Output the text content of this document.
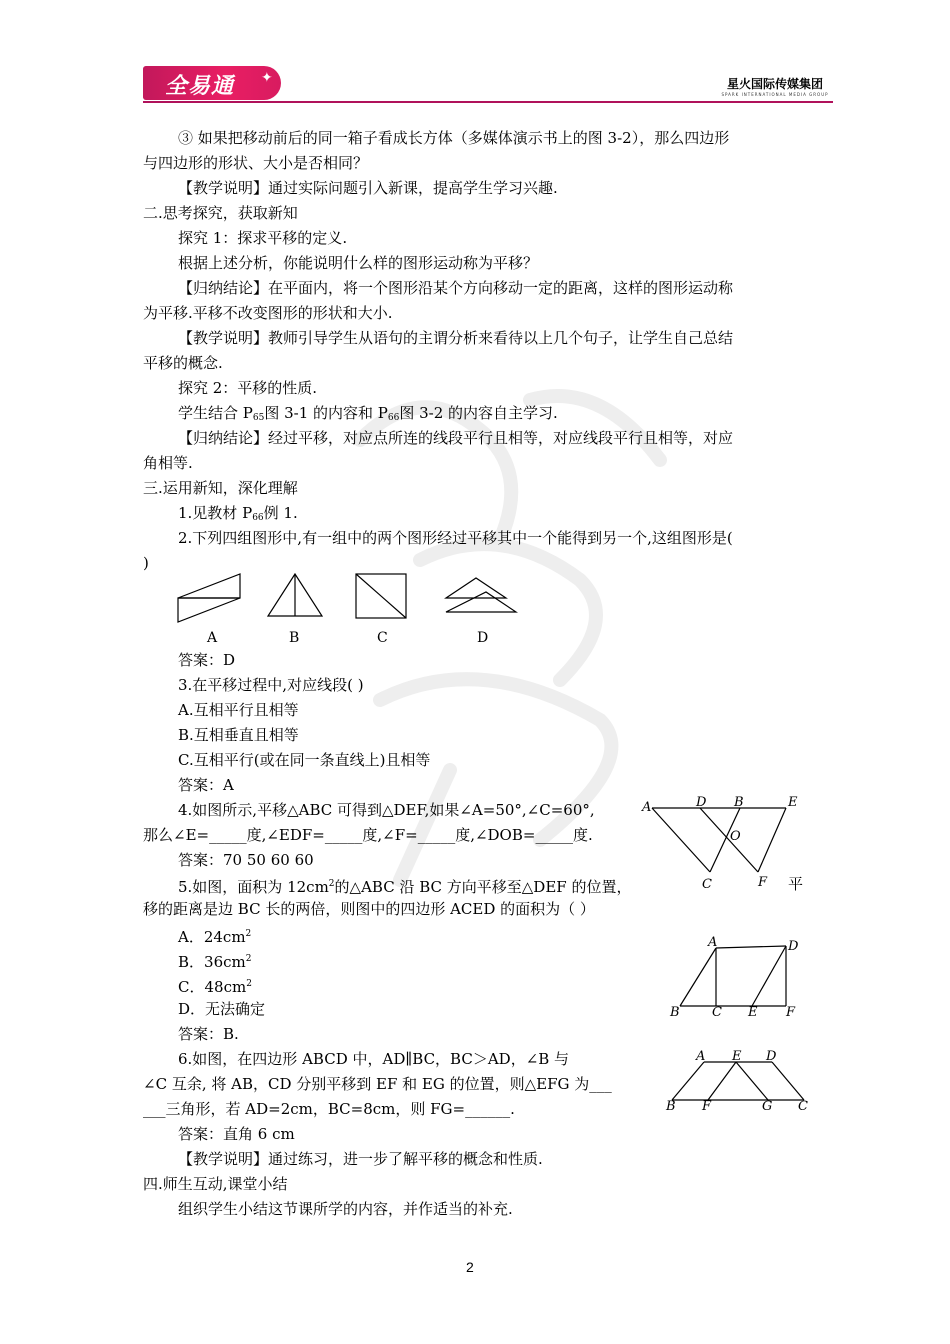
全易通 ✦	星火国际传媒集团
SPARK INTERNATIONAL MEDIA GROUP
③ 如果把移动前后的同一箱子看成长方体（多媒体演示书上的图 3-2），那么四边形
与四边形的形状、大小是否相同？
【教学说明】通过实际问题引入新课，提高学生学习兴趣.
二.思考探究，获取新知
探究 1：探求平移的定义.
根据上述分析，你能说明什么样的图形运动称为平移？
【归纳结论】在平面内，将一个图形沿某个方向移动一定的距离，这样的图形运动称
为平移.平移不改变图形的形状和大小.
【教学说明】教师引导学生从语句的主谓分析来看待以上几个句子，让学生自己总结
平移的概念.
探究 2：平移的性质.
学生结合 $P_{65}$图 3-1 的内容和 $P_{66}$图 3-2 的内容自主学习.
【归纳结论】经过平移，对应点所连的线段平行且相等，对应线段平行且相等，对应
角相等.
三.运用新知，深化理解
1.见教材 $P_{66}$例 1.
2.下列四组图形中,有一组中的两个图形经过平移其中一个能得到另一个,这组图形是(
)
A	B	C	D
答案：D
3.在平移过程中,对应线段( )
A.互相平行且相等
B.互相垂直且相等
C.互相平行(或在同一条直线上)且相等
答案：A
4.如图所示,平移△ABC 可得到△DEF,如果∠A=50°,∠C=60°,
那么∠E=_____度,∠EDF=_____度,∠F=_____度,∠DOB=_____度.
A	D B	E
O
C	F
答案：70 50 60 60
5.如图，面积为 $12cm^2$的△ABC 沿 BC 方向平移至△DEF 的位置，	平
移的距离是边 BC 长的两倍，则图中的四边形 ACED 的面积为（ ）
A．$24cm^2$
B．$36cm^2$
C．$48cm^2$
D．无法确定
答案：B.
A	D
B C E F
6.如图，在四边形 ABCD 中，AD∥BC，BC＞AD，∠B 与
∠C 互余, 将 AB，CD 分别平移到 EF 和 EG 的位置，则△EFG 为___
___三角形，若 AD=2cm，BC=8cm，则 FG=______.
A E D
B F	G C
答案：直角 6 cm
【教学说明】通过练习，进一步了解平移的概念和性质.
四.师生互动,课堂小结
组织学生小结这节课所学的内容，并作适当的补充.
2
